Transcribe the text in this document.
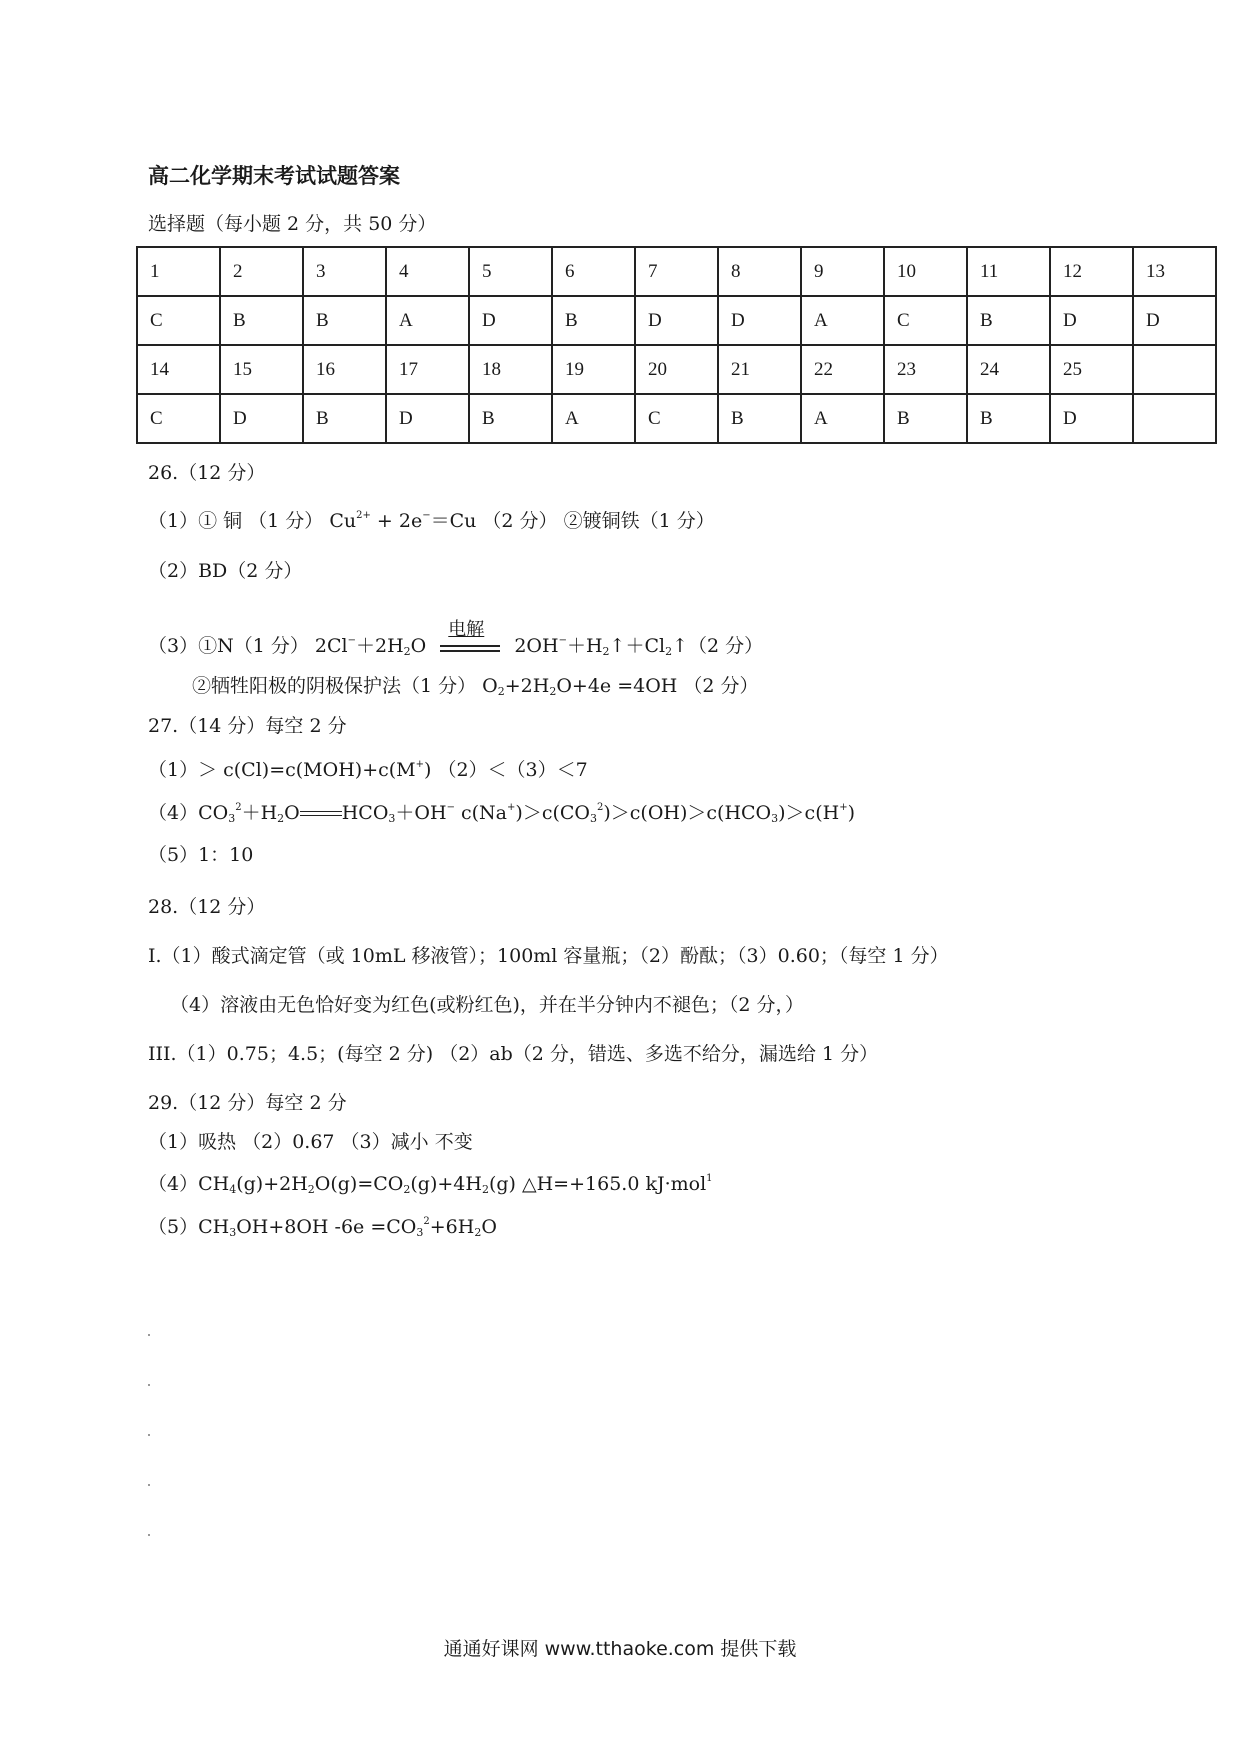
高二化学期末考试试题答案
选择题（每小题 2 分，共 50 分）
1	2	3	4	5	6	7	8	9	10	11	12	13
C	B	B	A	D	B	D	D	A	C	B	D	D
14	15	16	17	18	19	20	21	22	23	24	25	
C	D	B	D	B	A	C	B	A	B	B	D	
26.（12 分）
（1）① 铜 （1 分） $Cu^{2+} + 2e^-=Cu$ （2 分） ②镀铜铁（1 分）
（2）BD（2 分）
（3）①N（1 分） $2Cl^-+2H_2O$
电解
$2OH^-+H_2↑+Cl_2↑(2$ 分）
②牺牲阳极的阴极保护法（1 分） $O_2+2H_2O+4e =4OH$ （2 分）
27.（14 分）每空 2 分
（1）＞ c(Cl)=c(MOH)+c(M+) （2）＜（3）＜7
$(4)CO_3^2+H_2O$ $HCO_3+OH^-$ $c(Na^+)>c(CO_3^2)>c(OH)>c(HCO_3)>c(H^+)$
（5）1：10
28.（12 分）
I.（1）酸式滴定管（或 10mL 移液管）；100ml 容量瓶；（2）酚酞；（3）0.60；（每空 1 分）
（4）溶液由无色恰好变为红色(或粉红色)，并在半分钟内不褪色；（2 分，）
III.（1）0.75；4.5；(每空 2 分) （2）ab（2 分，错选、多选不给分，漏选给 1 分）
29.（12 分）每空 2 分
（1）吸热 （2）0.67 （3）减小 不变
$(4)CH_4(g)+2H_2O(g)=CO_2(g)+4H_2(g)$ △H=+165.0 kJ·mol$^1$
$(5)CH_3OH+8OH$ $-6e =CO_3^2+6H_2O$
通通好课网 www.tthaoke.com 提供下载
